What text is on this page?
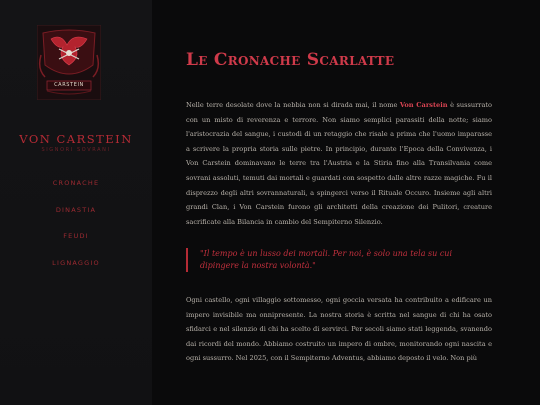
CARSTEIN
VON CARSTEIN
SIGNORI SOVRANI
CRONACHE
DINASTIA
FEUDI
LIGNAGGIO
Le Cronache Scarlatte

Nelle terre desolate dove la nebbia non si dirada mai, il nome Von Carstein è sussurrato con un misto di reverenza e terrore. Non siamo semplici parassiti della notte; siamo l'aristocrazia del sangue, i custodi di un retaggio che risale a prima che l'uomo imparasse a scrivere la propria storia sulle pietre. In principio, durante l'Epoca della Convivenza, i Von Carstein dominavano le terre tra l'Austria e la Stiria fino alla Transilvania come sovrani assoluti, temuti dai mortali e guardati con sospetto dalle altre razze magiche. Fu il disprezzo degli altri sovrannaturali, a spingerci verso il Rituale Occuro. Insieme agli altri grandi Clan, i Von Carstein furono gli architetti della creazione dei Pulitori, creature sacrificate alla Bilancia in cambio del Sempiterno Silenzio.

"Il tempo è un lusso dei mortali. Per noi, è solo una tela su cui dipingere la nostra volontà."

Ogni castello, ogni villaggio sottomesso, ogni goccia versata ha contribuito a edificare un impero invisibile ma onnipresente. La nostra storia è scritta nel sangue di chi ha osato sfidarci e nel silenzio di chi ha scelto di servirci. Per secoli siamo stati leggenda, svanendo dai ricordi del mondo. Abbiamo costruito un impero di ombre, monitorando ogni nascita e ogni sussurro. Nel 2025, con il Sempiterno Adventus, abbiamo deposto il velo. Non più
